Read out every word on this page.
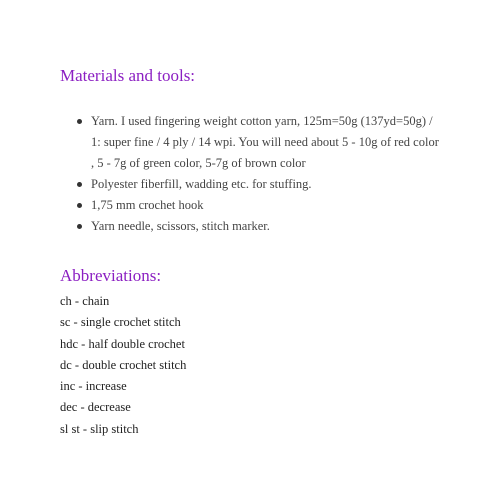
Materials and tools:
Yarn. I used fingering weight cotton yarn, 125m=50g (137yd=50g) / 1: super fine / 4 ply / 14 wpi. You will need about 5 - 10g of red color , 5 - 7g of green color, 5-7g of brown color
Polyester fiberfill, wadding etc. for stuffing.
1,75 mm crochet hook
Yarn needle, scissors, stitch marker.
Abbreviations:
ch - chain
sc - single crochet stitch
hdc - half double crochet
dc - double crochet stitch
inc - increase
dec - decrease
sl st - slip stitch
